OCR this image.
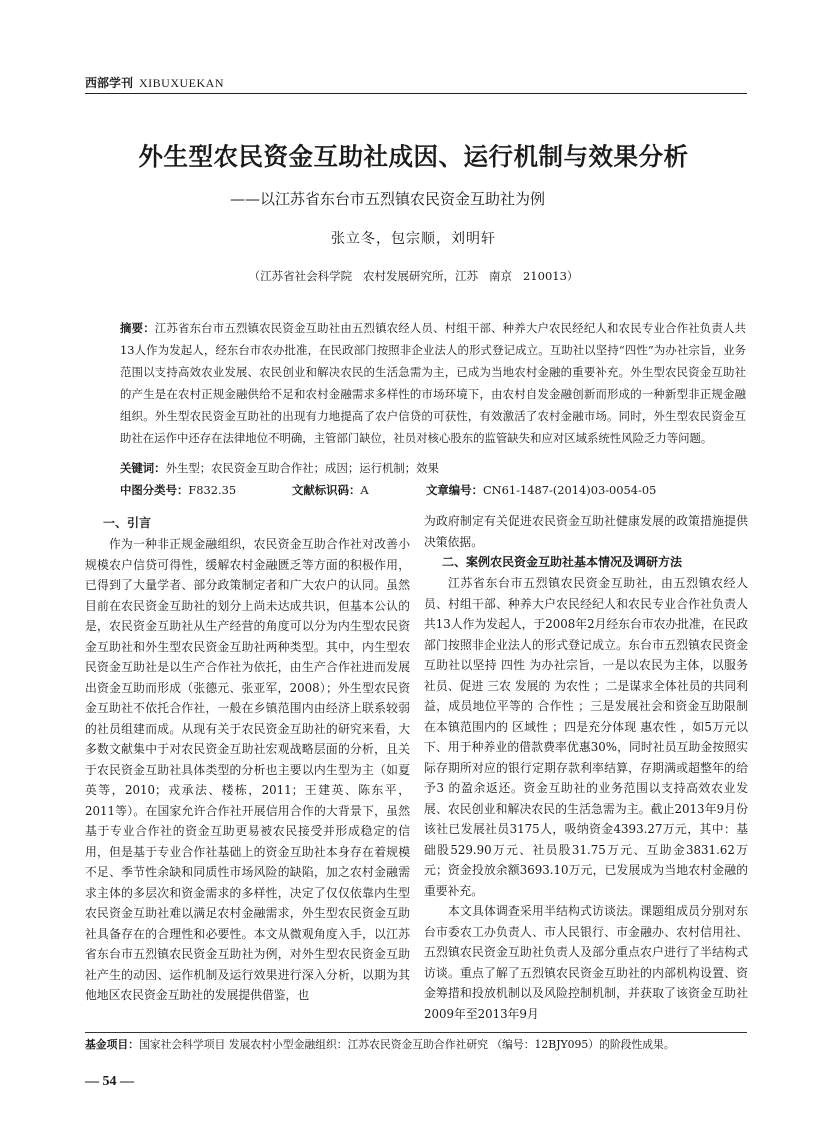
西部学刊 XIBUXUEKAN
外生型农民资金互助社成因、运行机制与效果分析
——以江苏省东台市五烈镇农民资金互助社为例
张立冬，包宗顺，刘明轩
（江苏省社会科学院   农村发展研究所，江苏   南京   210013）
摘要：江苏省东台市五烈镇农民资金互助社由五烈镇农经人员、村组干部、种养大户农民经纪人和农民专业合作社负责人共13人作为发起人，经东台市农办批准，在民政部门按照非企业法人的形式登记成立。互助社以坚持“四性”为办社宗旨，业务范围以支持高效农业发展、农民创业和解决农民的生活急需为主，已成为当地农村金融的重要补充。外生型农民资金互助社的产生是在农村正规金融供给不足和农村金融需求多样性的市场环境下，由农村自发金融创新而形成的一种新型非正规金融组织。外生型农民资金互助社的出现有力地提高了农户信贷的可获性，有效激活了农村金融市场。同时，外生型农民资金互助社在运作中还存在法律地位不明确，主管部门缺位，社员对核心股东的监管缺失和应对区域系统性风险乏力等问题。
关键词：外生型；农民资金互助合作社；成因；运行机制；效果
中图分类号：F832.35	文献标识码：A	文章编号：CN61-1487-(2014)03-0054-05

一、引言

作为一种非正规金融组织，农民资金互助合作社对改善小规模农户信贷可得性，缓解农村金融匮乏等方面的积极作用，已得到了大量学者、部分政策制定者和广大农户的认同。虽然目前在农民资金互助社的划分上尚未达成共识，但基本公认的是，农民资金互助社从生产经营的角度可以分为内生型农民资金互助社和外生型农民资金互助社两种类型。其中，内生型农民资金互助社是以生产合作社为依托，由生产合作社进而发展出资金互助而形成（张德元、张亚军，2008）；外生型农民资金互助社不依托合作社，一般在乡镇范围内由经济上联系较弱的社员组建而成。从现有关于农民资金互助社的研究来看，大多数文献集中于对农民资金互助社宏观战略层面的分析，且关于农民资金互助社具体类型的分析也主要以内生型为主（如夏英等，2010；戎承法、楼栋，2011；王建英、陈东平，2011等）。在国家允许合作社开展信用合作的大背景下，虽然基于专业合作社的资金互助更易被农民接受并形成稳定的信用，但是基于专业合作社基础上的资金互助社本身存在着规模不足、季节性余缺和同质性市场风险的缺陷，加之农村金融需求主体的多层次和资金需求的多样性，决定了仅仅依靠内生型农民资金互助社难以满足农村金融需求，外生型农民资金互助社具备存在的合理性和必要性。本文从微观角度入手，以江苏省东台市五烈镇农民资金互助社为例，对外生型农民资金互助社产生的动因、运作机制及运行效果进行深入分析，以期为其他地区农民资金互助社的发展提供借鉴，也

为政府制定有关促进农民资金互助社健康发展的政策措施提供决策依据。

二、案例农民资金互助社基本情况及调研方法

江苏省东台市五烈镇农民资金互助社，由五烈镇农经人员、村组干部、种养大户农民经纪人和农民专业合作社负责人共13人作为发起人，于2008年2月经东台市农办批准，在民政部门按照非企业法人的形式登记成立。东台市五烈镇农民资金互助社以坚持 四性 为办社宗旨，一是以农民为主体，以服务社员、促进 三农 发展的 为农性 ；二是谋求全体社员的共同利益，成员地位平等的 合作性 ；三是发展社会和资金互助限制在本镇范围内的 区域性 ；四是充分体现 惠农性 ，如5万元以下、用于种养业的借款费率优惠30%，同时社员互助金按照实际存期所对应的银行定期存款利率结算，存期满或超整年的给予3 的盈余返还。资金互助社的业务范围以支持高效农业发展、农民创业和解决农民的生活急需为主。截止2013年9月份该社已发展社员3175人，吸纳资金4393.27万元，其中：基础股529.90万元、社员股31.75万元、互助金3831.62万元；资金投放余额3693.10万元，已发展成为当地农村金融的重要补充。

本文具体调查采用半结构式访谈法。课题组成员分别对东台市委农工办负责人、市人民银行、市金融办、农村信用社、五烈镇农民资金互助社负责人及部分重点农户进行了半结构式访谈。重点了解了五烈镇农民资金互助社的内部机构设置、资金筹措和投放机制以及风险控制机制，并获取了该资金互助社2009年至2013年9月

基金项目：国家社会科学项目 发展农村小型金融组织：江苏农民资金互助合作社研究 （编号：12BJY095）的阶段性成果。
— 54 —
